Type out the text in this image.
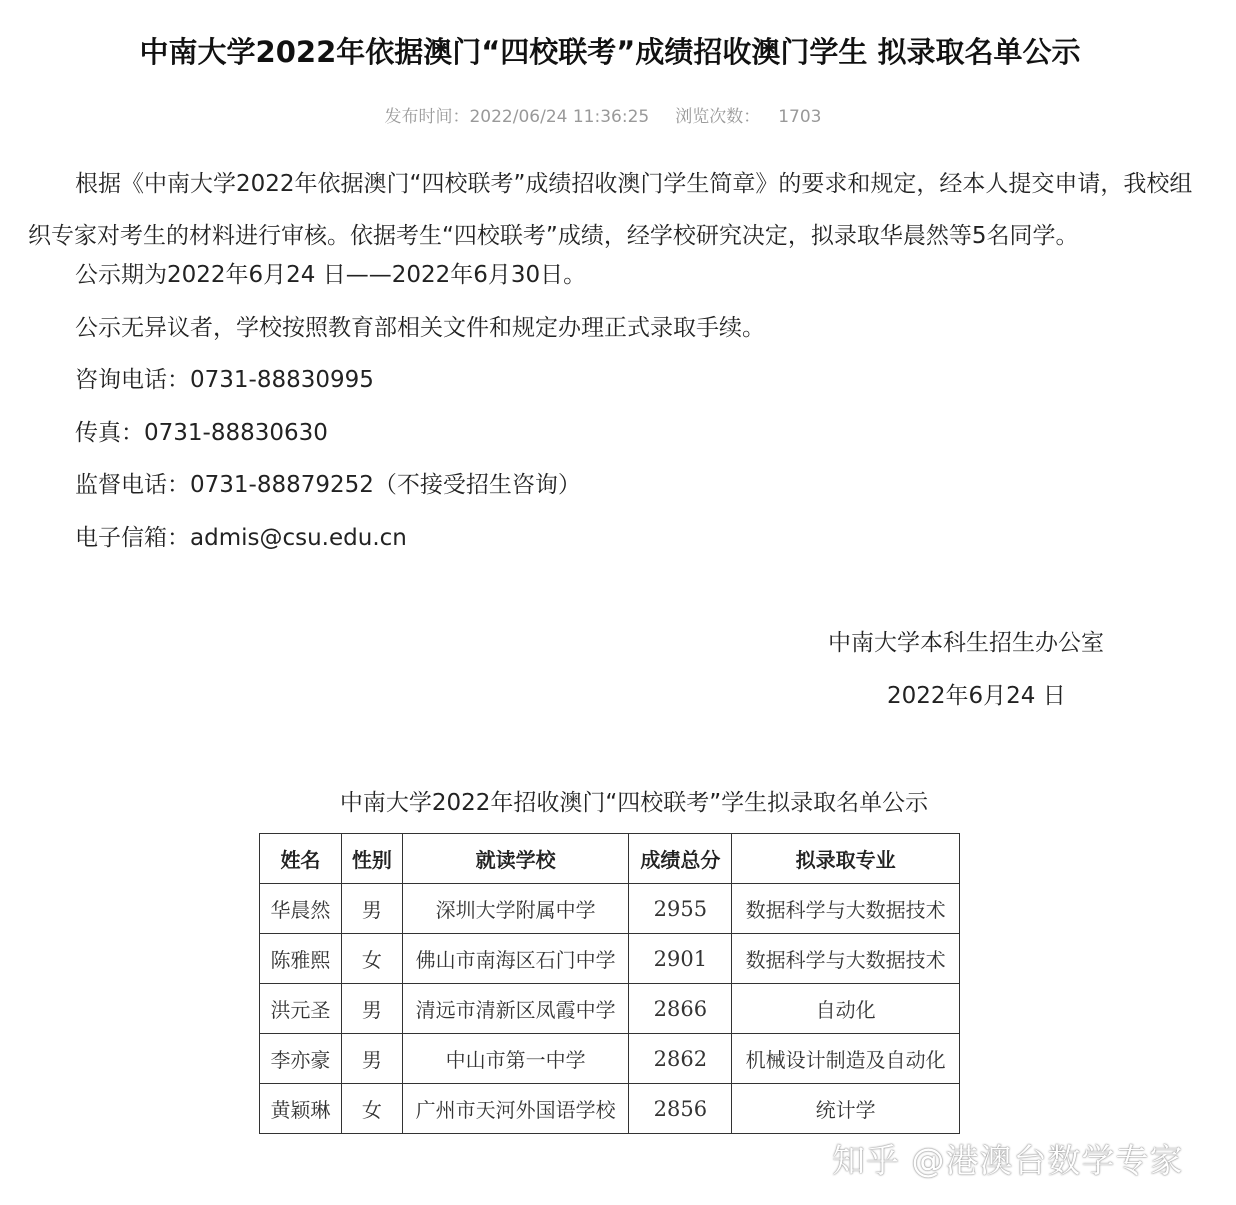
中南大学2022年依据澳门“四校联考”成绩招收澳门学生 拟录取名单公示
发布时间：2022/06/24 11:36:25 浏览次数： 1703
根据《中南大学2022年依据澳门“四校联考”成绩招收澳门学生简章》的要求和规定，经本人提交申请，我校组织专家对考生的材料进行审核。依据考生“四校联考”成绩，经学校研究决定，拟录取华晨然等5名同学。
公示期为2022年6月24 日——2022年6月30日。
公示无异议者，学校按照教育部相关文件和规定办理正式录取手续。
咨询电话：0731-88830995
传真：0731-88830630
监督电话：0731-88879252（不接受招生咨询）
电子信箱：admis@csu.edu.cn
中南大学本科生招生办公室
2022年6月24 日
中南大学2022年招收澳门“四校联考”学生拟录取名单公示
姓名	性别	就读学校	成绩总分	拟录取专业
华晨然	男	深圳大学附属中学	2955	数据科学与大数据技术
陈雅熙	女	佛山市南海区石门中学	2901	数据科学与大数据技术
洪元圣	男	清远市清新区凤霞中学	2866	自动化
李亦豪	男	中山市第一中学	2862	机械设计制造及自动化
黄颖琳	女	广州市天河外国语学校	2856	统计学
知乎 @港澳台数学专家
